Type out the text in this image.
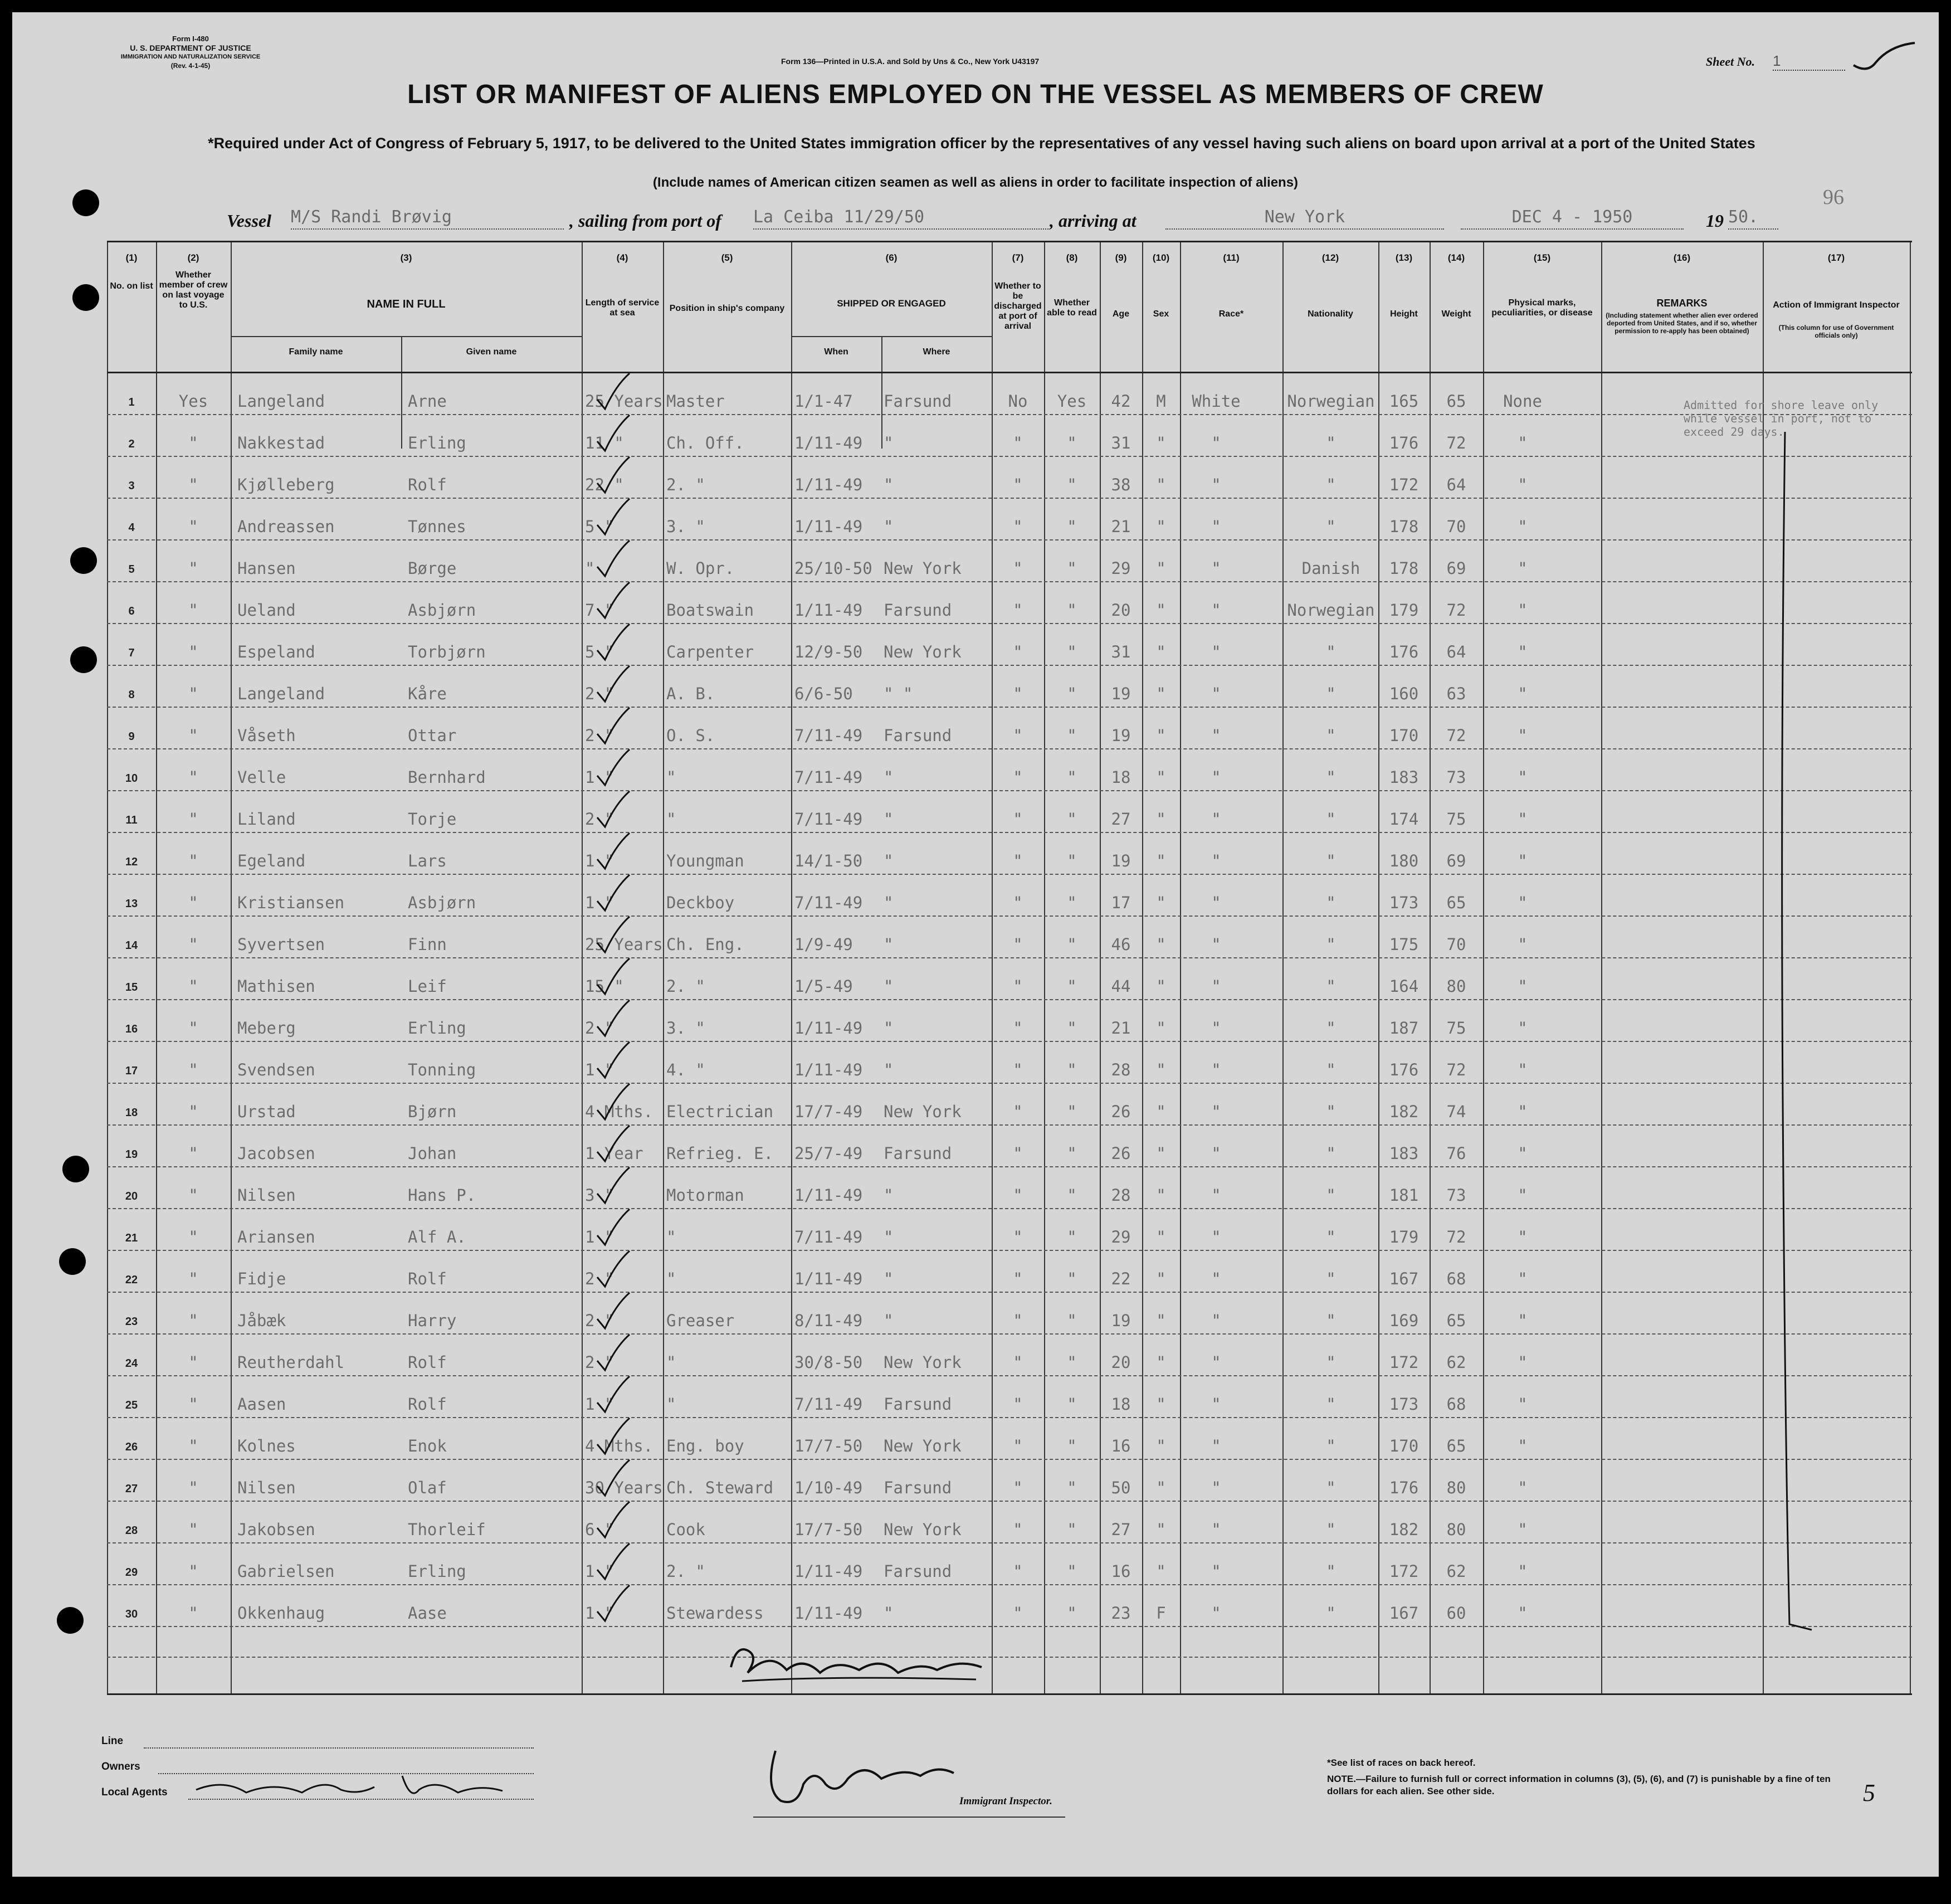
Form I-480
U. S. DEPARTMENT OF JUSTICE
IMMIGRATION AND NATURALIZATION SERVICE
(Rev. 4-1-45)	Form 136—Printed in U.S.A. and Sold by Uns & Co., New York U43197	Sheet No. 1
LIST OR MANIFEST OF ALIENS EMPLOYED ON THE VESSEL AS MEMBERS OF CREW
*Required under Act of Congress of February 5, 1917, to be delivered to the United States immigration officer by the representatives of any vessel having such aliens on board upon arrival at a port of the United States
(Include names of American citizen seamen as well as aliens in order to facilitate inspection of aliens)
96
Vessel M/S Randi Brøvig	, sailing from port of La Ceiba 11/29/50	, arriving at	New York	DEC 4 - 1950	19 50.
(1)	(2)	(3)	(4)	(5)	(6)	(7)	(8)	(9)	(10)	(11)	(12)	(13)	(14)	(15)	(16)	(17)
No. on list
Whether member of crew on last voyage to U.S.	NAME IN FULL
Family name	Given name
Length of service at sea	Position in ship's company	SHIPPED OR ENGAGED
When	Where
Whether to be discharged at port of arrival
Whether able to read	Age	Sex	Race*	Nationality	Height	Weight
Physical marks, peculiarities, or disease
REMARKS
(Including statement whether alien ever ordered deported from United States, and if so, whether permission to re-apply has been obtained)
Action of Immigrant Inspector
(This column for use of Government officials only)
1	Yes	Langeland	Arne	25 Years Master	1/1-47	Farsund	No	Yes	42	M	White	Norwegian 165	65	None
2	"	Nakkestad	Erling	11 "	Ch. Off.	1/11-49	"	"	"	31	"	"	"	176	72	"
3	"	Kjølleberg	Rolf	22 "	2. "	1/11-49	"	"	"	38	"	"	"	172	64	"
4	"	Andreassen	Tønnes	5 "	3. "	1/11-49	"	"	"	21	"	"	"	178	70	"
5	"	Hansen	Børge	"	W. Opr.	25/10-50 New York	"	"	29	"	"	Danish	178	69	"
6	"	Ueland	Asbjørn	7 "	Boatswain	1/11-49	Farsund	"	"	20	"	"	Norwegian 179	72	"
7	"	Espeland	Torbjørn	5 "	Carpenter	12/9-50	New York	"	"	31	"	"	"	176	64	"
8	"	Langeland	Kåre	2 "	A. B.	6/6-50	" "	"	"	19	"	"	"	160	63	"
9	"	Våseth	Ottar	2 "	O. S.	7/11-49	Farsund	"	"	19	"	"	"	170	72	"
10	"	Velle	Bernhard	1 "	"	7/11-49	"	"	"	18	"	"	"	183	73	"
11	"	Liland	Torje	2 "	"	7/11-49	"	"	"	27	"	"	"	174	75	"
12	"	Egeland	Lars	1 "	Youngman	14/1-50	"	"	"	19	"	"	"	180	69	"
13	"	Kristiansen	Asbjørn	1 "	Deckboy	7/11-49	"	"	"	17	"	"	"	173	65	"
14	"	Syvertsen	Finn	25 Years Ch. Eng.	1/9-49	"	"	"	46	"	"	"	175	70	"
15	"	Mathisen	Leif	15 "	2. "	1/5-49	"	"	"	44	"	"	"	164	80	"
16	"	Meberg	Erling	2 "	3. "	1/11-49	"	"	"	21	"	"	"	187	75	"
17	"	Svendsen	Tonning	1 "	4. "	1/11-49	"	"	"	28	"	"	"	176	72	"
18	"	Urstad	Bjørn	4 Mths. Electrician	17/7-49	New York	"	"	26	"	"	"	182	74	"
19	"	Jacobsen	Johan	1 Year	Refrieg. E.	25/7-49	Farsund	"	"	26	"	"	"	183	76	"
20	"	Nilsen	Hans P.	3 "	Motorman	1/11-49	"	"	"	28	"	"	"	181	73	"
21	"	Ariansen	Alf A.	1 "	"	7/11-49	"	"	"	29	"	"	"	179	72	"
22	"	Fidje	Rolf	2 "	"	1/11-49	"	"	"	22	"	"	"	167	68	"
23	"	Jåbæk	Harry	2 "	Greaser	8/11-49	"	"	"	19	"	"	"	169	65	"
24	"	Reutherdahl	Rolf	2 "	"	30/8-50	New York	"	"	20	"	"	"	172	62	"
25	"	Aasen	Rolf	1 "	"	7/11-49	Farsund	"	"	18	"	"	"	173	68	"
26	"	Kolnes	Enok	4 Mths. Eng. boy	17/7-50	New York	"	"	16	"	"	"	170	65	"
27	"	Nilsen	Olaf	30 Years Ch. Steward	1/10-49	Farsund	"	"	50	"	"	"	176	80	"
28	"	Jakobsen	Thorleif	6 "	Cook	17/7-50	New York	"	"	27	"	"	"	182	80	"
29	"	Gabrielsen	Erling	1 "	2. "	1/11-49	Farsund	"	"	16	"	"	"	172	62	"
30	"	Okkenhaug	Aase	1 "	Stewardess	1/11-49	"	"	"	23	F	"	"	167	60	"
Admitted for shore leave only
while vessel in port, not to
exceed 29 days.
Line
Owners
Local Agents
Immigrant Inspector.
*See list of races on back hereof.
NOTE.—Failure to furnish full or correct information in columns (3), (5), (6), and (7) is punishable by a fine of ten dollars for each alien. See other side.	5
